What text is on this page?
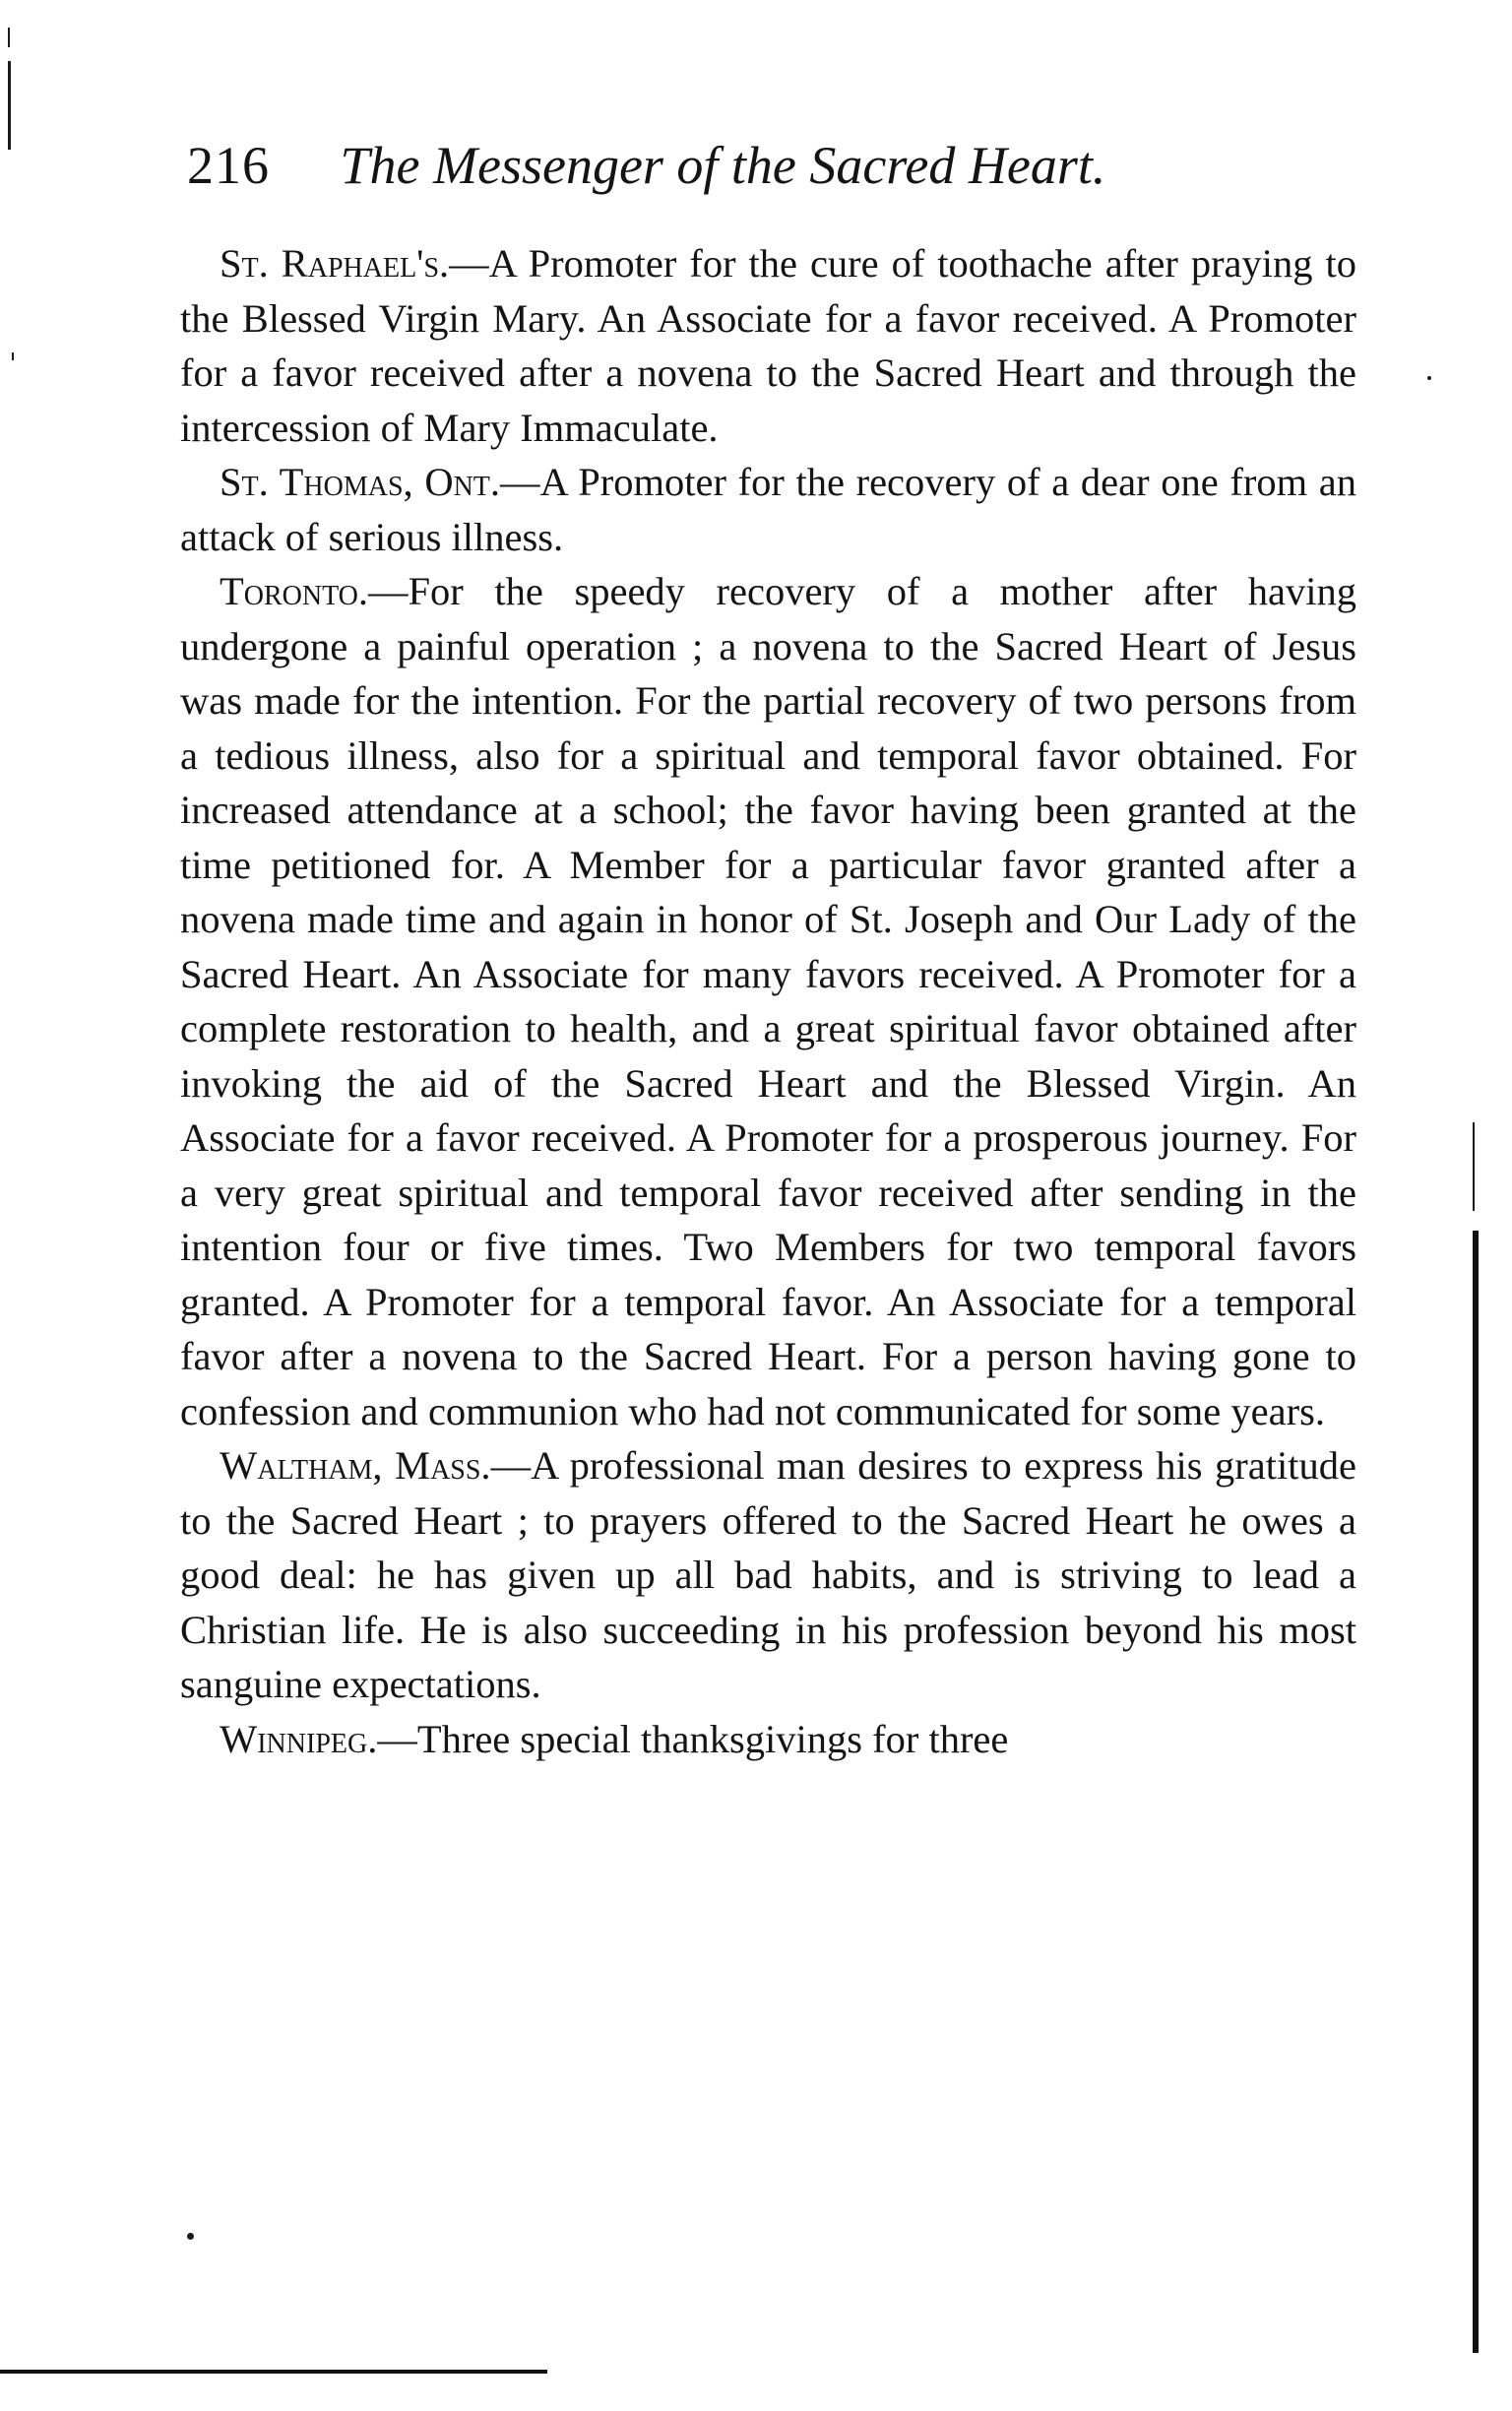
216 The Messenger of the Sacred Heart.

St. Raphael's.—A Promoter for the cure of toothache after praying to the Blessed Virgin Mary. An Associate for a favor received. A Promoter for a favor received after a novena to the Sacred Heart and through the intercession of Mary Immaculate.

St. Thomas, Ont.—A Promoter for the recovery of a dear one from an attack of serious illness.

Toronto.—For the speedy recovery of a mother after having undergone a painful operation ; a novena to the Sacred Heart of Jesus was made for the intention. For the partial recovery of two persons from a tedious illness, also for a spiritual and temporal favor obtained. For increased attendance at a school; the favor having been granted at the time petitioned for. A Member for a particular favor granted after a novena made time and again in honor of St. Joseph and Our Lady of the Sacred Heart. An Associate for many favors received. A Promoter for a complete restoration to health, and a great spiritual favor obtained after invoking the aid of the Sacred Heart and the Blessed Virgin. An Associate for a favor received. A Promoter for a prosperous journey. For a very great spiritual and temporal favor received after sending in the intention four or five times. Two Members for two temporal favors granted. A Promoter for a temporal favor. An Associate for a temporal favor after a novena to the Sacred Heart. For a person having gone to confession and communion who had not communicated for some years.

Waltham, Mass.—A professional man desires to express his gratitude to the Sacred Heart ; to prayers offered to the Sacred Heart he owes a good deal: he has given up all bad habits, and is striving to lead a Christian life. He is also succeeding in his profession beyond his most sanguine expectations.

Winnipeg.—Three special thanksgivings for three
